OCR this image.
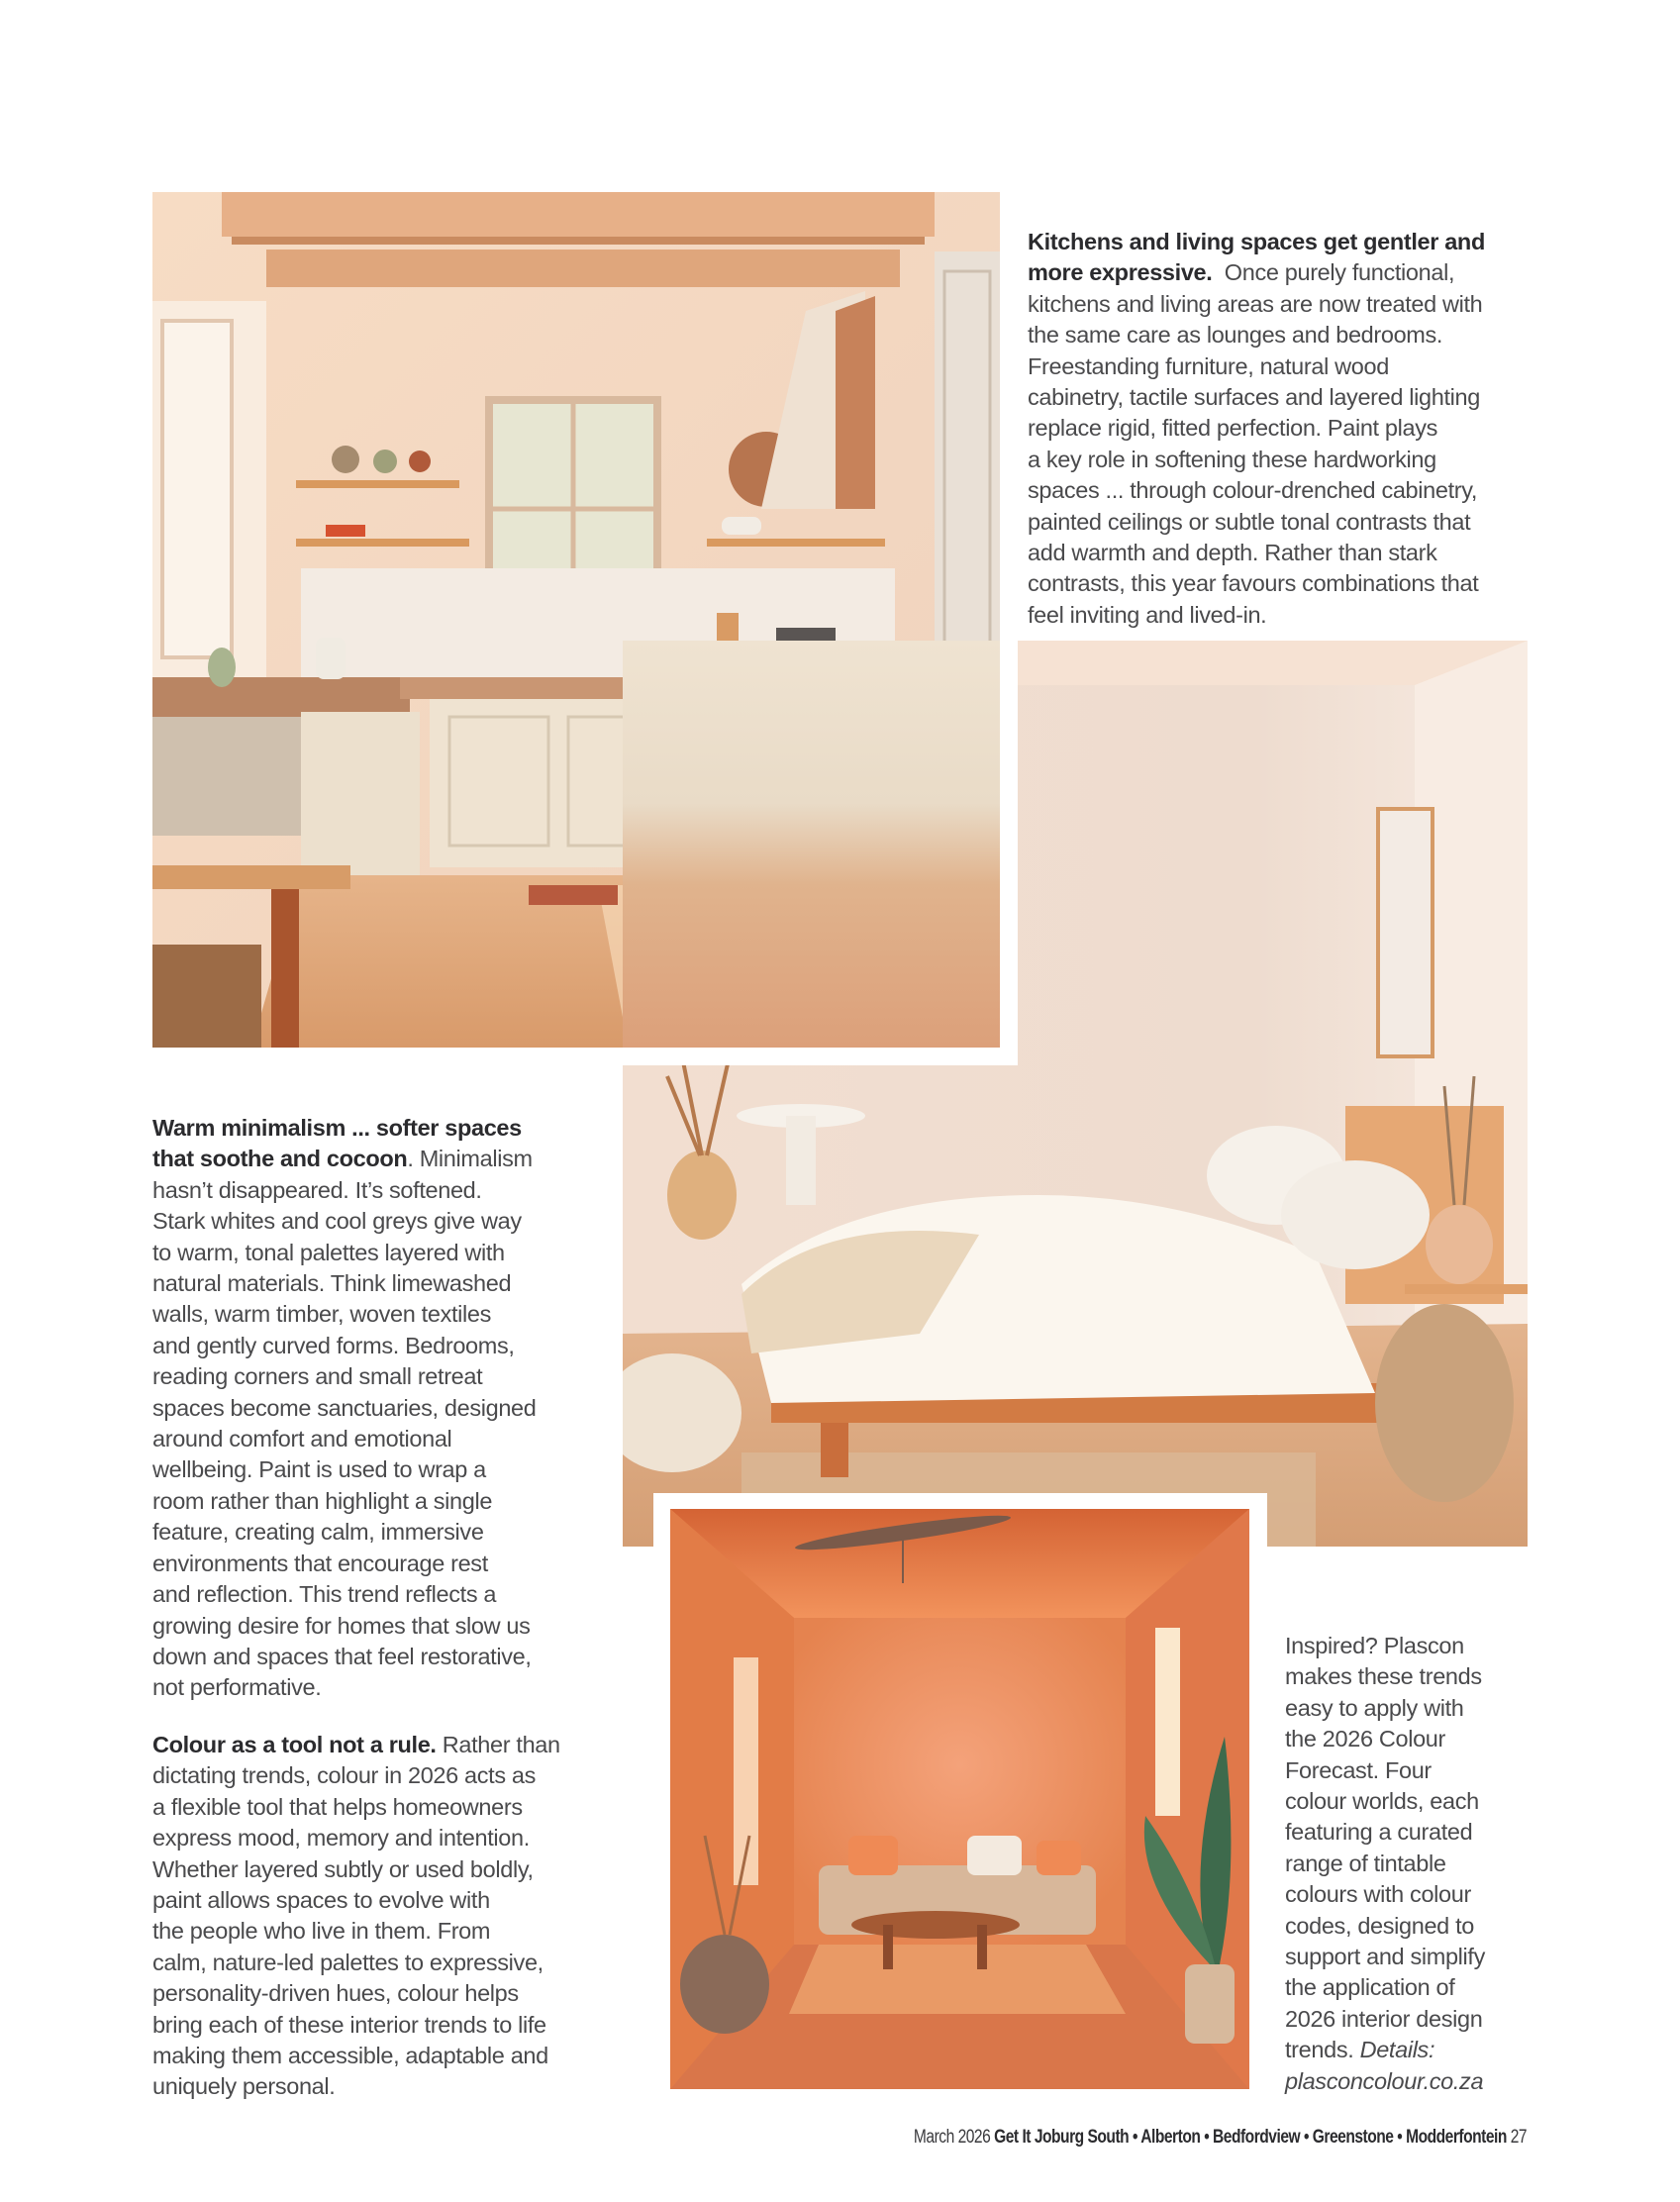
Kitchens and living spaces get gentler and
more expressive.  Once purely functional,
kitchens and living areas are now treated with
the same care as lounges and bedrooms.
Freestanding furniture, natural wood
cabinetry, tactile surfaces and layered lighting
replace rigid, fitted perfection. Paint plays
a key role in softening these hardworking
spaces ... through colour-drenched cabinetry,
painted ceilings or subtle tonal contrasts that
add warmth and depth. Rather than stark
contrasts, this year favours combinations that
feel inviting and lived-in.
Warm minimalism ... softer spaces
that soothe and cocoon. Minimalism
hasn’t disappeared. It’s softened.
Stark whites and cool greys give way
to warm, tonal palettes layered with
natural materials. Think limewashed
walls, warm timber, woven textiles
and gently curved forms. Bedrooms,
reading corners and small retreat
spaces become sanctuaries, designed
around comfort and emotional
wellbeing. Paint is used to wrap a
room rather than highlight a single
feature, creating calm, immersive
environments that encourage rest
and reflection. This trend reflects a
growing desire for homes that slow us
down and spaces that feel restorative,
not performative.
Colour as a tool not a rule. Rather than
dictating trends, colour in 2026 acts as
a flexible tool that helps homeowners
express mood, memory and intention.
Whether layered subtly or used boldly,
paint allows spaces to evolve with
the people who live in them. From
calm, nature-led palettes to expressive,
personality-driven hues, colour helps
bring each of these interior trends to life
making them accessible, adaptable and
uniquely personal.
Inspired? Plascon
makes these trends
easy to apply with
the 2026 Colour
Forecast. Four
colour worlds, each
featuring a curated
range of tintable
colours with colour
codes, designed to
support and simplify
the application of
2026 interior design
trends. Details:
plasconcolour.co.za
March 2026 Get It Joburg South • Alberton • Bedfordview • Greenstone • Modderfontein 27
